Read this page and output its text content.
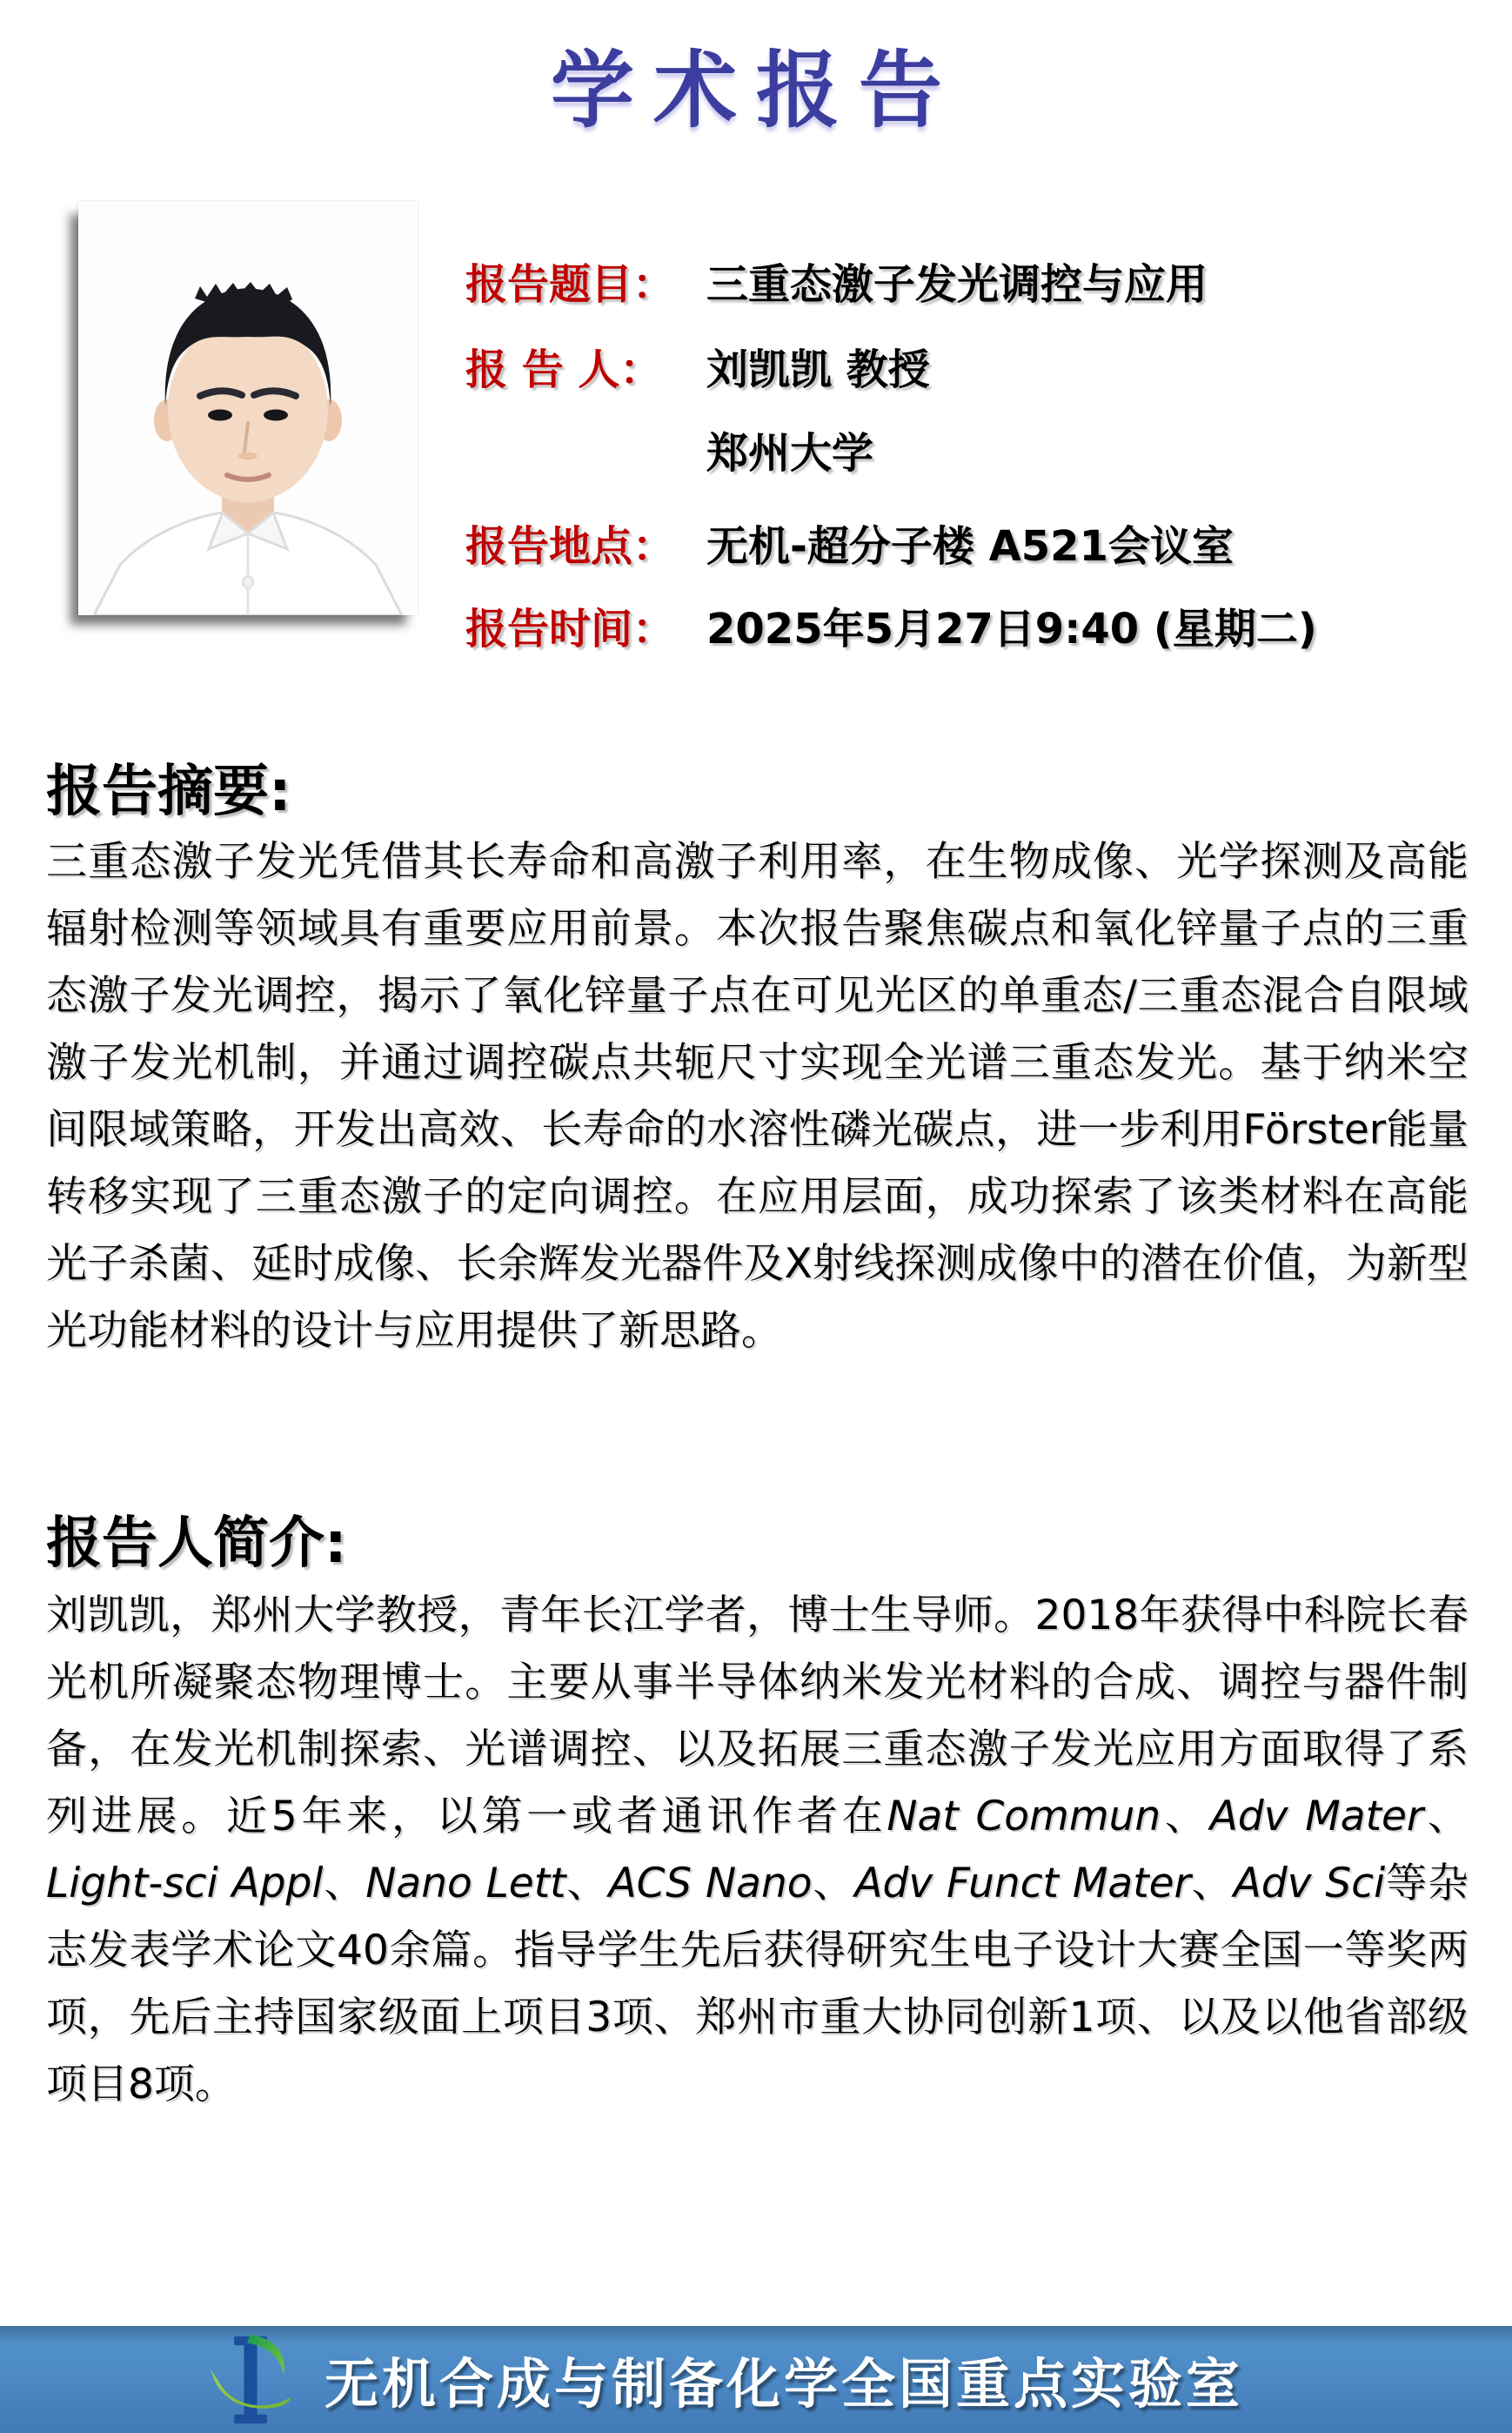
学术报告
报告题目： 三重态激子发光调控与应用
报 告 人： 刘凯凯 教授
郑州大学
报告地点： 无机-超分子楼 A521会议室
报告时间： 2025年5月27日9:40 (星期二)
报告摘要:
三重态激子发光凭借其长寿命和高激子利用率，在生物成像、光学探测及高能辐射检测等领域具有重要应用前景。本次报告聚焦碳点和氧化锌量子点的三重态激子发光调控，揭示了氧化锌量子点在可见光区的单重态/三重态混合自限域激子发光机制，并通过调控碳点共轭尺寸实现全光谱三重态发光。基于纳米空间限域策略，开发出高效、长寿命的水溶性磷光碳点，进一步利用Förster能量转移实现了三重态激子的定向调控。在应用层面，成功探索了该类材料在高能光子杀菌、延时成像、长余辉发光器件及X射线探测成像中的潜在价值，为新型光功能材料的设计与应用提供了新思路。
报告人简介:
刘凯凯，郑州大学教授，青年长江学者，博士生导师。2018年获得中科院长春光机所凝聚态物理博士。主要从事半导体纳米发光材料的合成、调控与器件制备，在发光机制探索、光谱调控、以及拓展三重态激子发光应用方面取得了系列进展。近5年来，以第一或者通讯作者在Nat Commun、Adv Mater、Light-sci Appl、Nano Lett、ACS Nano、Adv Funct Mater、Adv Sci等杂志发表学术论文40余篇。指导学生先后获得研究生电子设计大赛全国一等奖两项，先后主持国家级面上项目3项、郑州市重大协同创新1项、以及以他省部级项目8项。
无机合成与制备化学全国重点实验室
